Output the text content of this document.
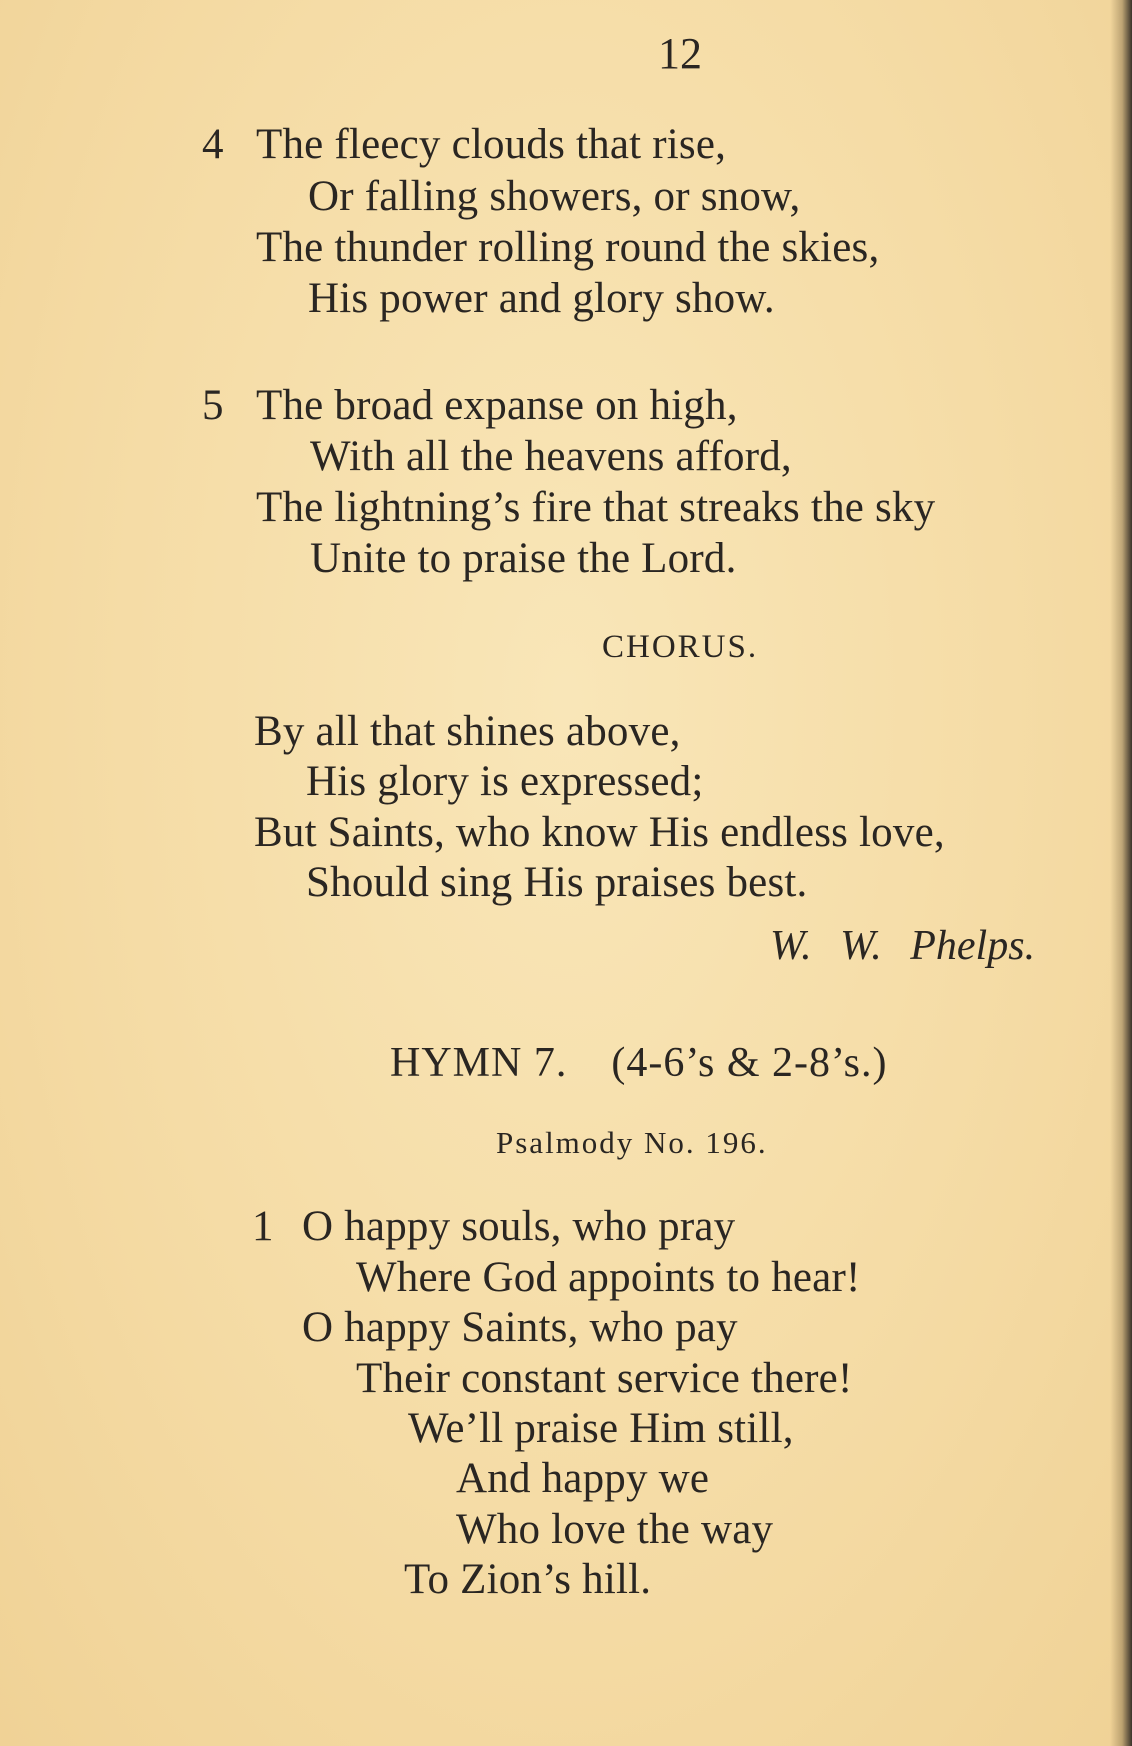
12
4 The fleecy clouds that rise,
Or falling showers, or snow,
The thunder rolling round the skies,
His power and glory show.
5 The broad expanse on high,
With all the heavens afford,
The lightning’s fire that streaks the sky
Unite to praise the Lord.
CHORUS.
By all that shines above,
His glory is expressed;
But Saints, who know His endless love,
Should sing His praises best.
W. W. Phelps.
HYMN 7. (4-6’s & 2-8’s.)
Psalmody No. 196.
1 O happy souls, who pray
Where God appoints to hear!
O happy Saints, who pay
Their constant service there!
We’ll praise Him still,
And happy we
Who love the way
To Zion’s hill.
